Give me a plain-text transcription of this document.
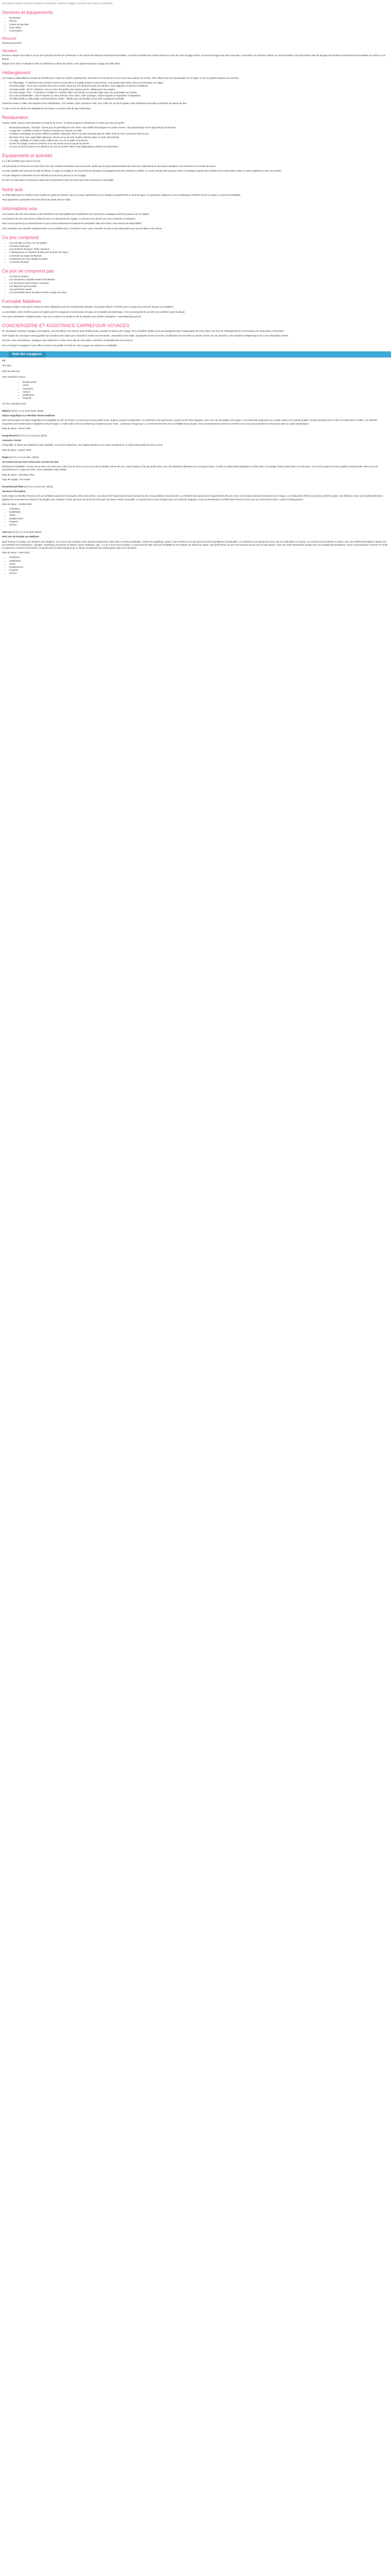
Description Cerynia conçu pour l'Agence Conciergerie Carrefour Voyages | Dernière mise à jour le 12/04/2024

Services et équipements
• Restaurant
• Piscine
• Centre de bien-être
• Club enfant
• Conciergerie
Résumé

Résumé du produit

Situation

Des lieux uniques d'un balcon sur la côte sud-ouest de l'île de La Réunion, à 30 minutes de l'aéroport international de Mahé, ce resort à l'architecture créole s'étend au cœur de 2 km de plage privée, au bord d'un lagon aux eaux turquoise. À proximité, les marchés colorés, le centre de Mahé et les plus beaux sites de plongée de l'archipel sont facilement accessibles en voiture ou en bateau.

Éloigné de la foule, le domaine invite à la détente au rythme des alizés, entre jardins tropicaux et plage de sable blanc.

Hébergement

Ces suites et villas allient le charme de l'architecture créole au confort contemporain. Décorées de bois précieux et de tissus aux couleurs de l'océan, elles offrent une vue spectaculaire sur le lagon ou sur les jardins tropicaux du domaine.

• 50 Villas plage : 2 chambres avec terrasse privée et accès direct à la plage (jusqu'à 4 personnes). Une grande baie vitrée ouvre sur la terrasse et le lagon.
• 28 Suites plage : 75 m² avec chambre king size et salon ouvert sur une terrasse bordée de palmiers, avec baignoire et douche à l'italienne.
• 16 Suites jardin : 80 m², ambiance cosy au cœur des jardins avec piscine privée, idéales pour les couples.
• 23 Suites plage, 70m² : 2 chambres (1 adulte et 1 enfant). Elles sont situées en première ligne avec vue imprenable sur l'océan.
• Une suite présidentielle : 340 m² répartis sur deux niveaux, avec salon, salle à manger, cuisine équipée et majordome à disposition.
• 10 Villas famille (2 villas plage communicantes), 100m² : idéales pour les familles ou les amis voyageant ensemble.

Toutes les suites et villas sont équipées de la climatisation, d'un minibar, d'une machine à café, d'un coffre-fort, du Wi-Fi gratuit, d'une télévision écran plat et d'articles de toilette de luxe.

À noter, merci de prévoir des adaptateurs électriques, les prises sont de type britannique.

Restauration

Cuisine créole, saveurs internationales et produits de la mer : le resort propose 5 restaurants et 3 bars pour tous les goûts.

• Restaurant principal : l'Océane. Ouvert pour le petit-déjeuner et le dîner, avec buffets thématiques et cuisine ouverte. Vue panoramique sur le lagon depuis la terrasse.
• Lounge bar : cocktails, snacks et soirées musicales au coucher du soleil.
• Ambiance romantique et cuisine raffinée au Marlin restaurant, dîner à la carte les pieds dans le sable, fruits de mer et poissons frais du jour.
• Direction Chez Jean, spécialités italiennes, pizzas au feu de bois et pâtes fraîches dans un cadre décontracté.
• Le Lodge : grillades et cuisine locale, tables avec vue sur le jardin et la piscine.
• Au bar de la plage, boissons fraîches et en-cas servis tout au long de la journée.
• La cave du resort propose une sélection de vins du monde entier et des dégustations privées sur réservation.
Équipements et activités

Il y a des activités pour tous à Cocoon.

Les plus petits se retrouvent au Kids Club, avec des activités encadrées toute la journée, tandis que les plus grands profitent de la piscine à débordement, des sports nautiques non motorisés et du terrain de tennis.

Les plus sportifs sont ravis par la salle de fitness, le yoga sur la plage et les excursions de plongée accompagnées par des moniteurs certifiés. Le centre de bien-être propose soins et massages inspirés des traditions de l'océan Indien, dans un cadre apaisant au cœur des jardins.

Les plus fatigués se détendent sur les transats au bord de la piscine ou sur la plage.

Et enfin, les épicuriens se retrouvent autour des restaurants et bars du resort pour des moments de convivialité.

Notre avis

Un hôtel idéal pour les familles et les couples en quête de détente, avec un service attentionné et une situation exceptionnelle au bord du lagon. Le personnel chaleureux et les nombreuses activités font de ce séjour un moment inoubliable.

Vous apprécierez particulièrement les dîners les pieds dans le sable.

Informations voix

Les horaires des vols sont donnés à titre indicatif et sont susceptibles de modifications de la part de la compagnie aérienne jusqu'au jour du départ.

Les horaires de vols vous seront confirmés avec vos documents de voyage. Le premier et le dernier jour sont consacrés au transport.

Nous vous proposons un acheminement en pré et post-acheminement depuis les principales villes de France, sous réserve de disponibilité.

Vous souhaitez une chambre supplémentaire ou un transfert privé ? Contactez-nous, votre conseiller se tient à votre disposition pour personnaliser votre séjour.

Ce prix comprend
• Les vols aller et retour sur vol régulier
• Les taxes d'aéroport
• Les transferts aéroport / hôtel / aéroport
• L'hébergement en chambre double pour la durée du séjour
• La formule de repas mentionnée
• L'assistance de notre équipe sur place
• La pension de base
Ce prix ne comprend pas
• Les frais de dossier
• Les assurances complémentaires facultatives
• Les excursions (sauf mention contraire)
• Les dépenses personnelles
• Les pourboires usuels
• Les éventuelles taxes de séjour locales à régler sur place
Formalité Maldives

Passeport valide 6 mois après la date de retour obligatoire pour les ressortissants français. Visa gratuit délivré à l'arrivée pour un séjour de moins de 30 jours aux Maldives.

La vaccination contre la fièvre jaune est exigée pour les voyageurs en provenance de pays où la maladie est endémique. Il est recommandé de consulter son médecin avant le départ.

Pour toute information complémentaire, nous vous invitons à consulter le site du Ministère des Affaires étrangères : www.diplomatie.gouv.fr

CONCIERGERIE ET ASSISTANCE CARREFOUR VOYAGES

En choisissant Carrefour Voyages Conciergerie, vous bénéficiez d'un service personnalisé avant, pendant et après votre voyage. Nos conseillers dédiés vous accompagnent dans l'organisation de votre séjour, du choix de l'hébergement aux réservations de restaurants et d'activités.

Notre équipe de concierges reste joignable 7j/7 pendant votre séjour pour répondre à toutes vos demandes : réservation d'une table, organisation d'une excursion, modification d'un transfert ou simple conseil. En cas d'imprévu, une assistance téléphonique est à votre disposition 24h/24.

Vos avis nous sont précieux : partagez votre expérience à votre retour afin de nous aider à améliorer continuellement nos services.

Nos concierges s'engagent à vous offrir un service de qualité et à faire de votre voyage une expérience inoubliable.

Note des voyageurs

4.8

Très bien

basé sur 820 Avis

2023 Travellers Choice

• Emplacement
• Literie
• Chambres
• Service
• Qualité/prix
• Propreté

Voir les 5 dernières avis

Mélanie (écrit il y a un mois (mars 2024))

Séjour magnifique à Le Meridien Resort Maldives

Nous avons passé un séjour magnifique et inoubliable au sein du Resort. Le personnel est aux petits soins, toujours souriant et disponible. Les chambres sont spacieuses, propres et très bien équipées, avec une vue incroyable sur le lagon. Les restaurants proposent une cuisine variée et de grande qualité, mention spéciale pour le dîner les pieds dans le sable. Les activités proposées sont nombreuses et adaptées à tous les âges. Le Kids Club a ravi nos enfants qui n'avaient qu'une envie : y retourner chaque jour. Le centre de bien-être est un véritable havre de paix. Nous recommandons vivement cet hôtel à tous ceux qui souhaitent se ressourcer dans un cadre paradisiaque.

Date du séjour : février 2024

Nouguiho1974 (écrit il y a un an (juin 2023))

Lausanne, Suisse

Tranquillité, le séjour aux Maldives le plus agréable. Un accueil chaleureux, une équipe attentive et un cadre exceptionnel. Le séjour était parfait de bout en bout.

Date du séjour : janvier 2023

Najwa (écrit il y a un an (déc. 2023))

Je n'aurais pas pu rêver mieux pour ma lune de miel

Expérience inoubliable ! Je suis venue avec mon mari pour notre lune de miel et nous avons été accueillis comme des rois. Toute l'équipe a été aux petits soins, avec des attentions délicates tout au long du séjour. La villa sur pilotis était magnifique, le dîner privé sur la plage restera gravé dans nos mémoires. Les soins au spa sont d'une qualité exceptionnelle. Merci à tout le personnel pour ce séjour de rêve, nous reviendrons sans hésiter.

Date du séjour : décembre 2024

Type de voyage : En couple

Dreamt01112270053 (écrit il y a un an (avr. 2024))

Vacances d'exception

Notre séjour au Meridien Resort a été une véritable expérience d'exception. Dès notre arrivée, nous avons été impressionnés par la beauté du lieu et la gentillesse du personnel. La chambre était spacieuse et superbement décorée, avec une terrasse donnant directement sur le lagon. Les restaurants offrent une grande variété de plats, tous délicieux. Nous avons particulièrement apprécié les excursions en bateau et la plongée avec masque et tuba, qui nous ont permis de découvrir une faune marine incroyable. Un grand merci à toute l'équipe pour ces moments magiques. Nous recommandons cet hôtel sans réserve à tous ceux qui recherchent calme, confort et dépaysement.

Date du séjour : octobre 2024

• Chambres
• Qualité/prix
• Literie
• Emplacement
• Propreté
• Service

Jean-Luc (écrit il y a un an (juin 2024))

Petit coin de Paradis aux Maldives

Quel bonheur de passer nos vacances aux Maldives. Je ne peux pas comparer avec d'autres expériences mais celle-ci restera inoubliable. L'hôtel est magnifique, propre, bien entretenu et le personnel est d'une gentillesse remarquable. Les chambres sont spacieuses avec une vue splendide sur l'océan. La nourriture est excellente et variée, avec des buffets thématiques chaque soir. Les activités sont nombreuses : plongée, snorkeling, excursions en bateau, sports nautiques, spa... Il y en a pour tous les goûts. Le personnel du Kids Club est formidable et nos enfants ont adoré leur séjour. Seul petit bémol, les prix des boissons au bar sont un peu élevés, mais cela reste raisonnable compte tenu de la qualité des prestations. Nous recommandons vivement cet hôtel et espérons y retourner très bientôt. Un grand merci à toute l'équipe pour ce séjour exceptionnel qui restera gravé dans nos mémoires.

Date du séjour : mars 2024

• Chambres
• Qualité/prix
• Literie
• Emplacement
• Propreté
• Service
